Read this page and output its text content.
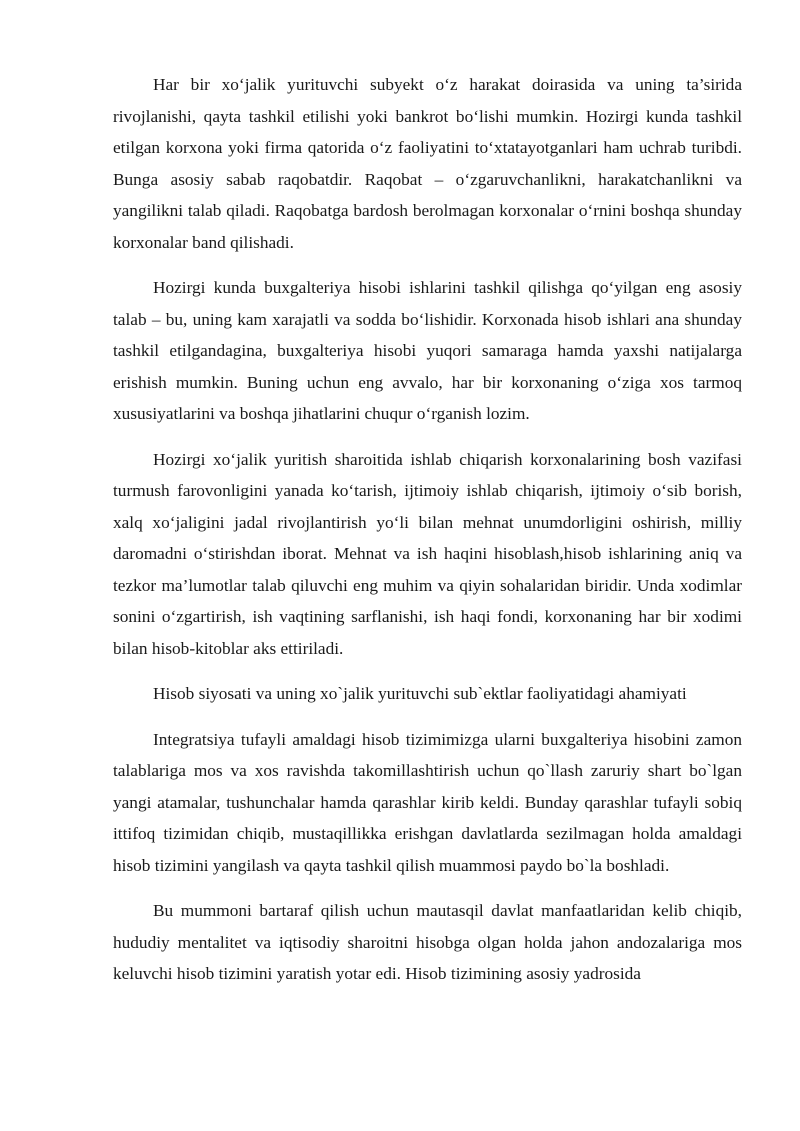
Har bir xo‘jalik yurituvchi subyekt o‘z harakat doirasida va uning ta’sirida rivojlanishi, qayta tashkil etilishi yoki bankrot bo‘lishi mumkin. Hozirgi kunda tashkil etilgan korxona yoki firma qatorida o‘z faoliyatini to‘xtatayotganlari ham uchrab turibdi. Bunga asosiy sabab raqobatdir. Raqobat – o‘zgaruvchanlikni, harakatchanlikni va yangilikni talab qiladi. Raqobatga bardosh berolmagan korxonalar o‘rnini boshqa shunday korxonalar band qilishadi.

Hozirgi kunda buxgalteriya hisobi ishlarini tashkil qilishga qo‘yilgan eng asosiy talab – bu, uning kam xarajatli va sodda bo‘lishidir. Korxonada hisob ishlari ana shunday tashkil etilgandagina, buxgalteriya hisobi yuqori samaraga hamda yaxshi natijalarga erishish mumkin. Buning uchun eng avvalo, har bir korxonaning o‘ziga xos tarmoq xususiyatlarini va boshqa jihatlarini chuqur o‘rganish lozim.

Hozirgi xo‘jalik yuritish sharoitida ishlab chiqarish korxonalarining bosh vazifasi turmush farovonligini yanada ko‘tarish, ijtimoiy ishlab chiqarish, ijtimoiy o‘sib borish, xalq xo‘jaligini jadal rivojlantirish yo‘li bilan mehnat unumdorligini oshirish, milliy daromadni o‘stirishdan iborat. Mehnat va ish haqini hisoblash,hisob ishlarining aniq va tezkor ma’lumotlar talab qiluvchi eng muhim va qiyin sohalaridan biridir. Unda xodimlar sonini o‘zgartirish, ish vaqtining sarflanishi, ish haqi fondi, korxonaning har bir xodimi bilan hisob-kitoblar aks ettiriladi.

Hisob siyosati va uning xo`jalik yurituvchi sub`ektlar faoliyatidagi ahamiyati

Integratsiya tufayli amaldagi hisob tizimimizga ularni buxgalteriya hisobini zamon talablariga mos va xos ravishda takomillashtirish uchun qo`llash zaruriy shart bo`lgan yangi atamalar, tushunchalar hamda qarashlar kirib keldi. Bunday qarashlar tufayli sobiq ittifoq tizimidan chiqib, mustaqillikka erishgan davlatlarda sezilmagan holda amaldagi hisob tizimini yangilash va qayta tashkil qilish muammosi paydo bo`la boshladi.

Bu mummoni bartaraf qilish uchun mautasqil davlat manfaatlaridan kelib chiqib, hududiy mentalitet va iqtisodiy sharoitni hisobga olgan holda jahon andozalariga mos keluvchi hisob tizimini yaratish yotar edi. Hisob tizimining asosiy yadrosida
